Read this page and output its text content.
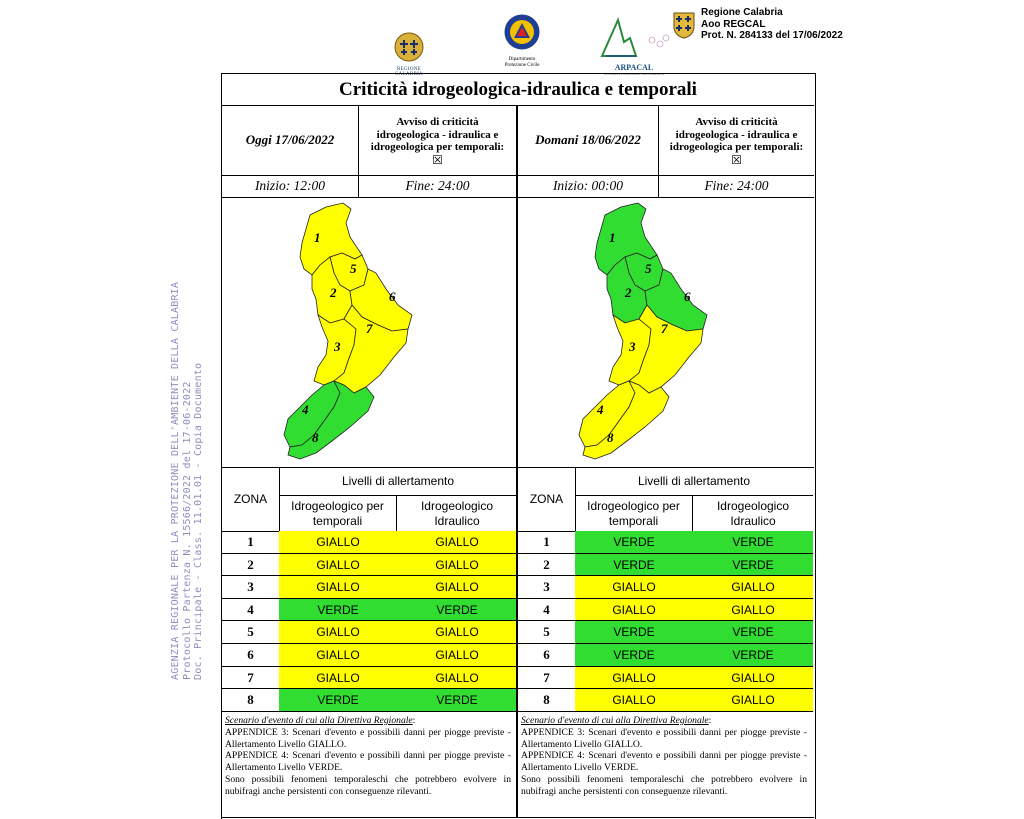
REGIONE CALABRIA
Dipartimento
Protezione Civile	ARPACAL
CENTRO FUNZIONALE MULTIRISCHI
Regione Calabria
Aoo REGCAL
Prot. N. 284133 del 17/06/2022
AGENZIA REGIONALE PER LA PROTEZIONE DELL'AMBIENTE DELLA CALABRIA Protocollo Partenza N. 15566/2022 del 17-06-2022 Doc. Principale - Class. 11.01.01 - Copia Documento
Criticità idrogeologica-idraulica e temporali
Oggi 17/06/2022
Avviso di criticità
idrogeologica - idraulica e
idrogeologica per temporali:
☒
Domani 18/06/2022
Avviso di criticità
idrogeologica - idraulica e
idrogeologica per temporali:
☒
Inizio: 12:00	Fine: 24:00	Inizio: 00:00	Fine: 24:00
1
5
2	6
3
7
4
8
1
5
2	6
3
7
4
8
ZONA
Livelli di allertamento
Idrogeologico per
temporali
Idrogeologico
Idraulico
1	GIALLO	GIALLO
2	GIALLO	GIALLO
3	GIALLO	GIALLO
4	VERDE	VERDE
5	GIALLO	GIALLO
6	GIALLO	GIALLO
7	GIALLO	GIALLO
8	VERDE	VERDE
ZONA
Livelli di allertamento
Idrogeologico per
temporali
Idrogeologico
Idraulico
1	VERDE	VERDE
2	VERDE	VERDE
3	GIALLO	GIALLO
4	GIALLO	GIALLO
5	VERDE	VERDE
6	VERDE	VERDE
7	GIALLO	GIALLO
8	GIALLO	GIALLO
Scenario d'evento di cui alla Direttiva Regionale:
APPENDICE 3: Scenari d'evento e possibili danni per piogge previste - Allertamento Livello GIALLO.
APPENDICE 4: Scenari d'evento e possibili danni per piogge previste - Allertamento Livello VERDE.
Sono possibili fenomeni temporaleschi che potrebbero evolvere in nubifragi anche persistenti con conseguenze rilevanti.
Scenario d'evento di cui alla Direttiva Regionale:
APPENDICE 3: Scenari d'evento e possibili danni per piogge previste - Allertamento Livello GIALLO.
APPENDICE 4: Scenari d'evento e possibili danni per piogge previste - Allertamento Livello VERDE.
Sono possibili fenomeni temporaleschi che potrebbero evolvere in nubifragi anche persistenti con conseguenze rilevanti.
